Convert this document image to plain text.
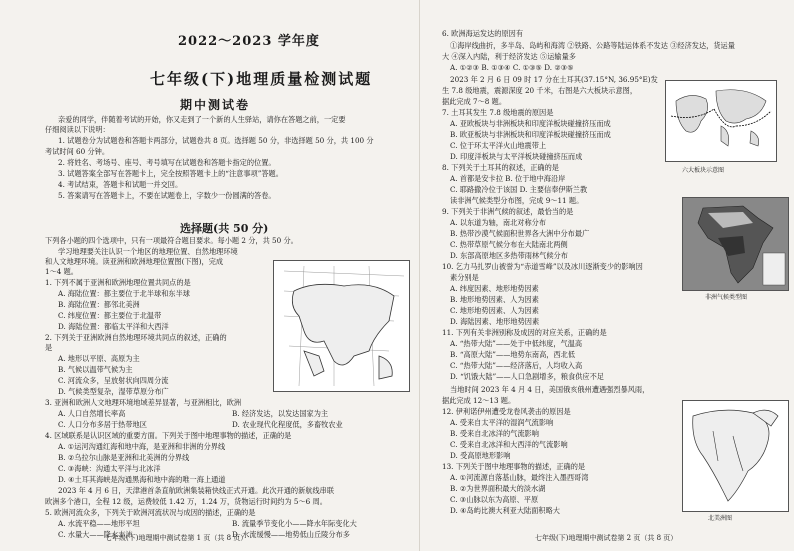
2022～2023 学年度
七年级(下)地理质量检测试题
期中测试卷
亲爱的同学，伴随着考试的开始，你又走到了一个新的人生驿站，请你在答题之前，一定要
仔细阅读以下说明：
1. 试题卷分为试题卷和答题卡两部分，试题卷共 8 页。选择题 50 分，非选择题 50 分，共 100 分
考试时间 60 分钟。
2. 将姓名、考场号、座号、考号填写在试题卷和答题卡指定的位置。
3. 试题答案全部写在答题卡上，完全按照答题卡上的“注意事项”答题。
4. 考试结束，答题卡和试题一并交回。
5. 答案请写在答题卡上，不要在试题卷上，字数少一份圆满的答卷。
选择题(共 50 分)
下列各小题的四个选项中，只有一项最符合题目要求。每小题 2 分，共 50 分。
学习地理要关注认识一个地区的地理位置、自然地理环境
和人文地理环境。读亚洲和欧洲地理位置图(下图)，完成
1～4 题。
1. 下列不属于亚洲和欧洲地理位置共同点的是
A. 海陆位置：都主要位于北半球和东半球
B. 海陆位置：都邻北美洲
C. 纬度位置：都主要位于北温带
D. 海陆位置：都临太平洋和大西洋
2. 下列关于亚洲欧洲自然地理环境共同点的叙述，正确的
是
A. 地形以平原、高原为主
B. 气候以温带气候为主
C. 河流众多，呈放射状向四周分流
D. 气候类型复杂，湿带草原分布广
3. 亚洲和欧洲人文地理环境地域差异显著，与亚洲相比，欧洲
A. 人口自然增长率高	B. 经济发达，以发达国家为主
C. 人口分布多居于热带地区	D. 农业现代化程度低，多畜牧农业
4. 区域联系是认识区域的重要方面。下列关于图中地理事物的描述，正确的是
A. ①运河沟通红海和地中海，是亚洲和非洲的分界线
B. ②乌拉尔山脉是亚洲和北美洲的分界线
C. ③海峡：沟通太平洋与北冰洋
D. ④土耳其海峡是沟通黑海和地中海的唯一海上通道
2023 年 4 月 6 日，天津港首条直航欧洲集装箱快线正式开通。此次开通的新航线串联
欧洲多个港口，全程 12 级，运费较低 1.42 万，1.24 万，货物运行时间约为 5～6 周。
5. 欧洲河流众多，下列关于欧洲河流状况与成因的描述，正确的是
A. 水流平稳——地形平坦	B. 流量季节变化小——降水年际变化大
C. 水量大——降水丰沛	D. 水流缓慢——地势低山丘陵分布多
6. 欧洲海运发达的原因有
①海岸线曲折，多半岛、岛屿和海湾 ②铁路、公路等陆运体系不发达 ③经济发达，货运量
大 ④深入内陆，利于经济发达 ⑤运输量多
A. ①②③ B. ①③④ C. ①③⑤ D. ②③⑤
2023 年 2 月 6 日 09 时 17 分在土耳其(37.15°N, 36.95°E)发
生 7.8 级地震，震源深度 20 千米，右图是六大板块示意图，
据此完成 7～8 题。
7. 土耳其发生 7.8 级地震的原因是
A. 亚欧板块与非洲板块和印度洋板块碰撞挤压而成
B. 欧亚板块与非洲板块和印度洋板块碰撞挤压而成
C. 位于环太平洋火山地震带上
D. 印度洋板块与太平洋板块碰撞挤压而成
8. 下列关于土耳其的叙述，正确的是
A. 首都是安卡拉 B. 位于地中海沿岸
C. 耶路撒冷位于该国 D. 主要信奉伊斯兰教
读非洲气候类型分布图，完成 9～11 题。
9. 下列关于非洲气候的叙述，最恰当的是
A. 以东道为轴，南北对称分布
B. 热带沙漠气候面积世界各大洲中分布最广
C. 热带草原气候分布在大陆南北两侧
D. 东部高原地区多热带雨林气候分布
10. 乞力马扎罗山被誉为“赤道雪峰”以及冰川逐渐变少的影响因
素分别是
A. 纬度因素、地形地势因素
B. 地形地势因素、人为因素
C. 地形地势因素、人为因素
D. 海陆因素、地形地势因素
11. 下列有关非洲别称及成因的对应关系，正确的是
A. “热带大陆”——处于中低纬度，气温高
B. “高原大陆”——地势东南高，西北低
C. “热带大陆”——经济落后，人均收入高
D. “饥饿大陆”——人口急剧增多，粮食供应不足
当地时间 2023 年 4 月 4 日，美国俄亥俄州遭遇强烈暴风雨，
据此完成 12～13 题。
12. 伊利诺伊州遭受龙卷风袭击的原因是
A. 受来自太平洋的湿润气流影响
B. 受来自北冰洋的气流影响
C. 受来自北冰洋和大西洋的气流影响
D. 受高原地形影响
13. 下列关于图中地理事物的描述，正确的是
A. ①河流源自落基山脉，最终注入墨西哥湾
B. ②为世界面积最大的淡水湖
C. ③山脉以东为高原、平原
D. ④岛屿比澳大利亚大陆面积略大
六大板块示意图
非洲气候类型图
北美洲图
七年级(下)地理期中测试卷第 1 页（共 8 页）	七年级(下)地理期中测试卷第 2 页（共 8 页）
